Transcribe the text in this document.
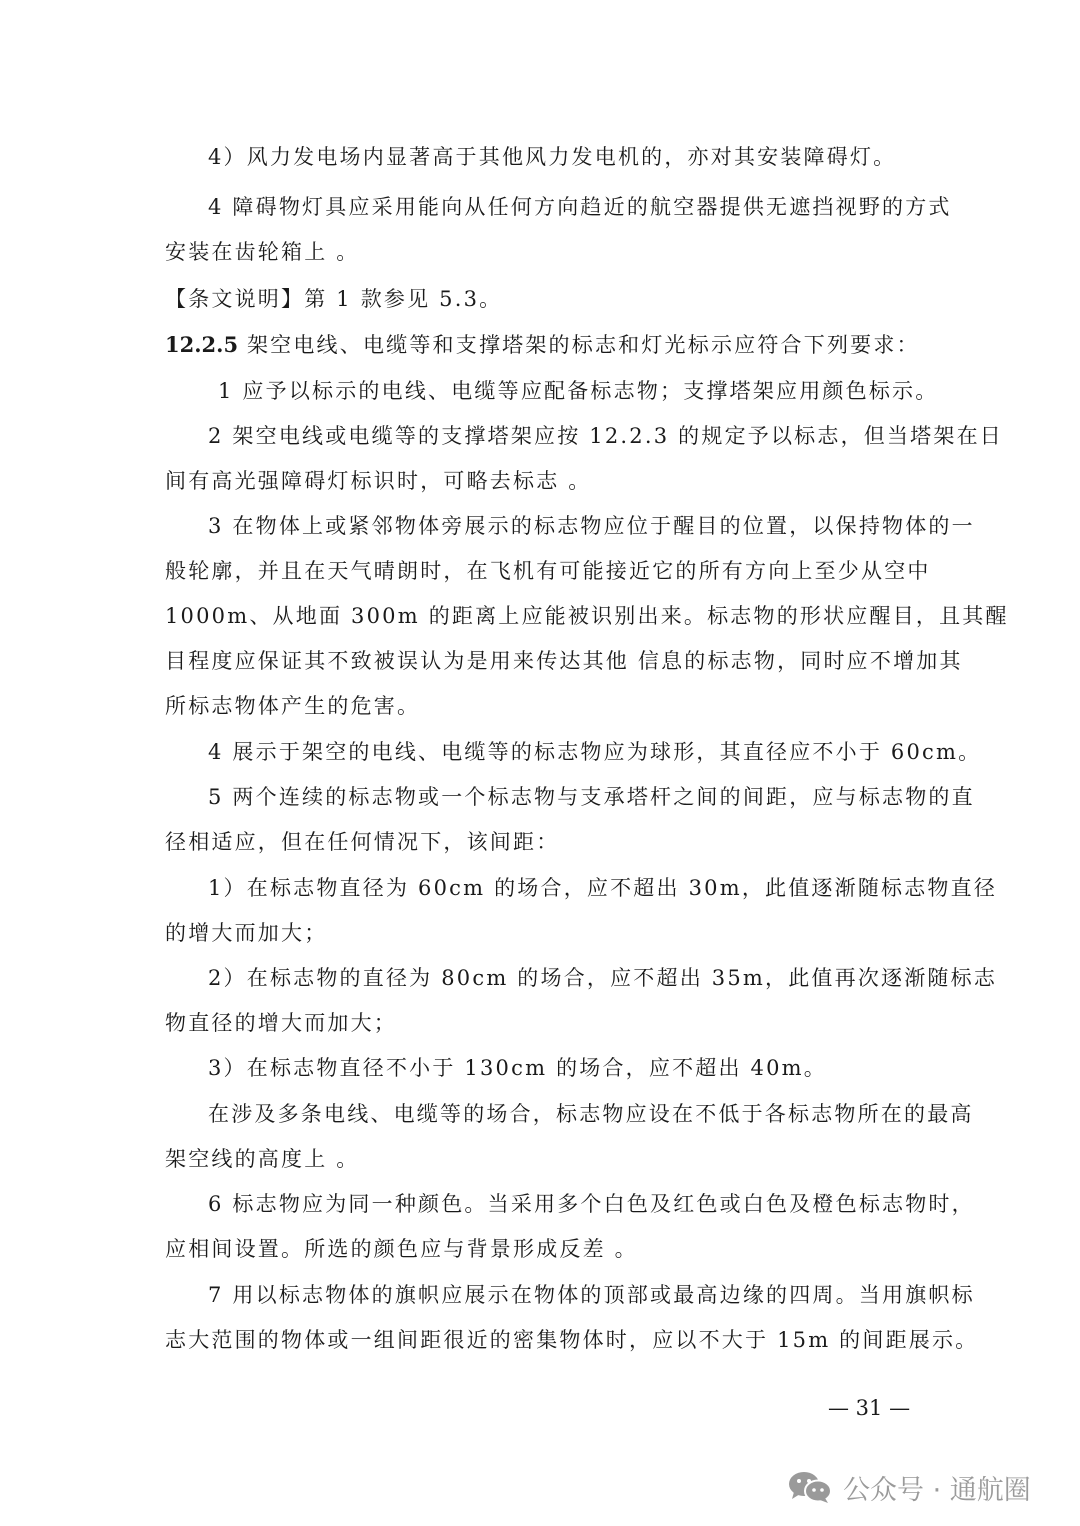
4）风力发电场内显著高于其他风力发电机的，亦对其安装障碍灯。
4 障碍物灯具应采用能向从任何方向趋近的航空器提供无遮挡视野的方式
安装在齿轮箱上 。
【条文说明】第 1 款参见 5.3。
12.2.5 架空电线、电缆等和支撑塔架的标志和灯光标示应符合下列要求：
1 应予以标示的电线、电缆等应配备标志物；支撑塔架应用颜色标示。
2 架空电线或电缆等的支撑塔架应按 12.2.3 的规定予以标志，但当塔架在日
间有高光强障碍灯标识时，可略去标志 。
3 在物体上或紧邻物体旁展示的标志物应位于醒目的位置，以保持物体的一
般轮廓，并且在天气晴朗时，在飞机有可能接近它的所有方向上至少从空中
1000m、从地面 300m 的距离上应能被识别出来。标志物的形状应醒目，且其醒
目程度应保证其不致被误认为是用来传达其他 信息的标志物，同时应不增加其
所标志物体产生的危害。
4 展示于架空的电线、电缆等的标志物应为球形，其直径应不小于 60cm。
5 两个连续的标志物或一个标志物与支承塔杆之间的间距，应与标志物的直
径相适应，但在任何情况下，该间距：
1）在标志物直径为 60cm 的场合，应不超出 30m，此值逐渐随标志物直径
的增大而加大；
2）在标志物的直径为 80cm 的场合，应不超出 35m，此值再次逐渐随标志
物直径的增大而加大；
3）在标志物直径不小于 130cm 的场合，应不超出 40m。
在涉及多条电线、电缆等的场合，标志物应设在不低于各标志物所在的最高
架空线的高度上 。
6 标志物应为同一种颜色。当采用多个白色及红色或白色及橙色标志物时，
应相间设置。所选的颜色应与背景形成反差 。
7 用以标志物体的旗帜应展示在物体的顶部或最高边缘的四周。当用旗帜标
志大范围的物体或一组间距很近的密集物体时，应以不大于 15m 的间距展示。
— 31 —
公众号 · 通航圈
